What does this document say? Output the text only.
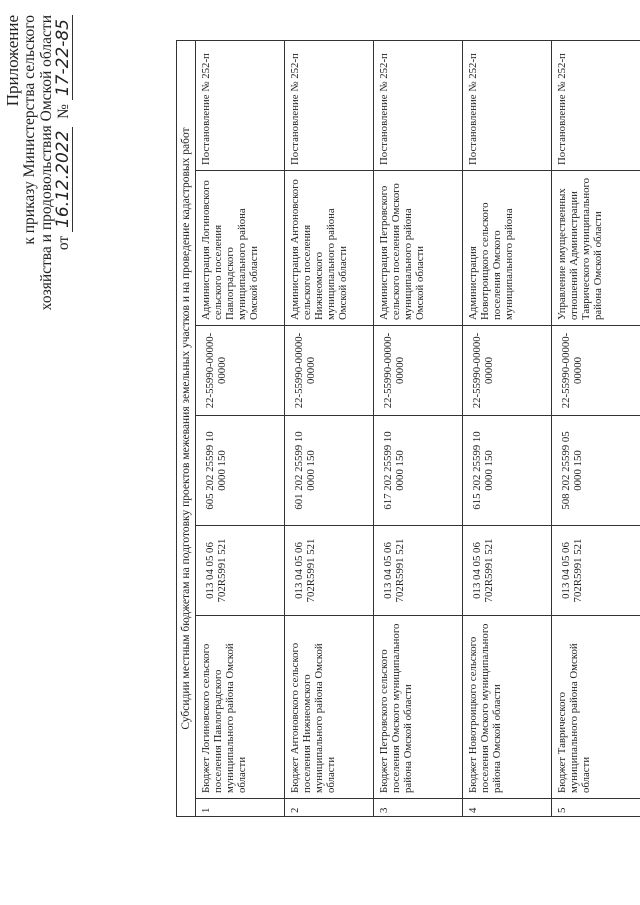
Приложение к приказу Министерства сельского хозяйства и продовольствия Омской области от 16.12.2022  № 17-22-85
Субсидии местным бюджетам на подготовку проектов межевания земельных участков и на проведение кадастровых работ						
1	Бюджет Логиновского сельского поселения Павлоградского муниципального района Омской области	013 04 05 06 702R5991 521	605 202 25599 10 0000 150	22-55990-00000-00000	Администрация Логиновского сельского поселения Павлоградского муниципального района Омской области	Постановление № 252-п
2	Бюджет Антоновского сельского поселения Нижнеомского муниципального района Омской области	013 04 05 06 702R5991 521	601 202 25599 10 0000 150	22-55990-00000-00000	Администрация Антоновского сельского поселения Нижнеомского муниципального района Омской области	Постановление № 252-п
3	Бюджет Петровского сельского поселения Омского муниципального района Омской области	013 04 05 06 702R5991 521	617 202 25599 10 0000 150	22-55990-00000-00000	Администрация Петровского сельского поселения Омского муниципального района Омской области	Постановление № 252-п
4	Бюджет Новотроицкого сельского поселения Омского муниципального района Омской области	013 04 05 06 702R5991 521	615 202 25599 10 0000 150	22-55990-00000-00000	Администрация Новотроицкого сельского поселения Омского муниципального района	Постановление № 252-п
5	Бюджет Таврического муниципального района Омской области	013 04 05 06 702R5991 521	508 202 25599 05 0000 150	22-55990-00000-00000	Управление имущественных отношений Администрации Таврического муниципального района Омской области	Постановление № 252-п
